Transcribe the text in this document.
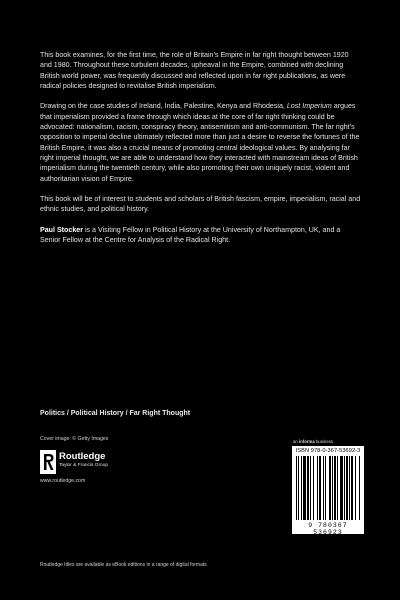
This book examines, for the first time, the role of Britain’s Empire in far right thought between 1920 and 1980. Throughout these turbulent decades, upheaval in the Empire, combined with declining British world power, was frequently discussed and reflected upon in far right publications, as were radical policies designed to revitalise British imperialism.

Drawing on the case studies of Ireland, India, Palestine, Kenya and Rhodesia, Lost Imperium argues that imperialism provided a frame through which ideas at the core of far right thinking could be advocated: nationalism, racism, conspiracy theory, antisemitism and anti-communism. The far right’s opposition to imperial decline ultimately reflected more than just a desire to reverse the fortunes of the British Empire, it was also a crucial means of promoting central ideological values. By analysing far right imperial thought, we are able to understand how they interacted with mainstream ideas of British imperialism during the twentieth century, while also promoting their own uniquely racist, violent and authoritarian vision of Empire.

This book will be of interest to students and scholars of British fascism, empire, imperialism, racial and ethnic studies, and political history.

Paul Stocker is a Visiting Fellow in Political History at the University of Northampton, UK, and a Senior Fellow at the Centre for Analysis of the Radical Right.

Politics / Political History / Far Right Thought
Cover image: © Getty Images
Routledge
Taylor & Francis Group
www.routledge.com
an informa business
ISBN 978-0-367-53692-3
9 780367 536923
Routledge titles are available as eBook editions in a range of digital formats
